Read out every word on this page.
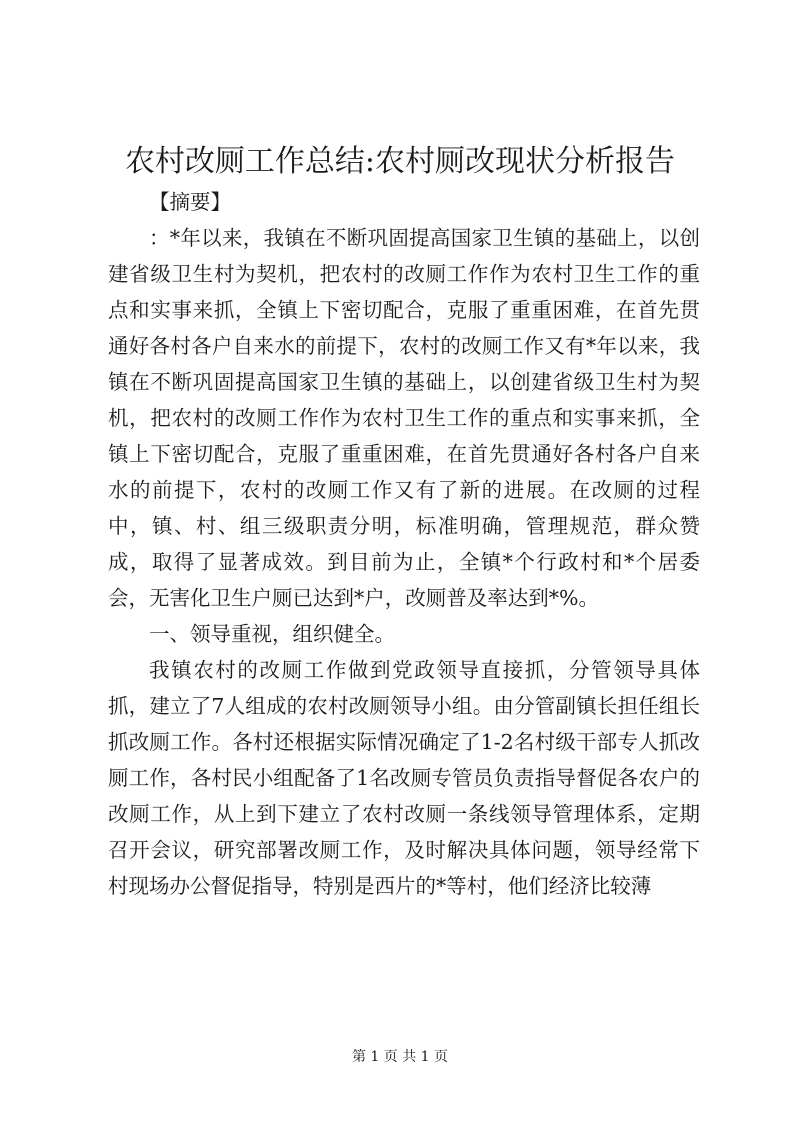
农村改厕工作总结:农村厕改现状分析报告

【摘要】

：*年以来，我镇在不断巩固提高国家卫生镇的基础上，以创建省级卫生村为契机，把农村的改厕工作作为农村卫生工作的重点和实事来抓，全镇上下密切配合，克服了重重困难，在首先贯通好各村各户自来水的前提下，农村的改厕工作又有*年以来，我镇在不断巩固提高国家卫生镇的基础上，以创建省级卫生村为契机，把农村的改厕工作作为农村卫生工作的重点和实事来抓，全镇上下密切配合，克服了重重困难，在首先贯通好各村各户自来水的前提下，农村的改厕工作又有了新的进展。在改厕的过程中，镇、村、组三级职责分明，标准明确，管理规范，群众赞成，取得了显著成效。到目前为止，全镇*个行政村和*个居委会，无害化卫生户厕已达到*户，改厕普及率达到*%。

一、领导重视，组织健全。

我镇农村的改厕工作做到党政领导直接抓，分管领导具体抓，建立了7人组成的农村改厕领导小组。由分管副镇长担任组长抓改厕工作。各村还根据实际情况确定了1-2名村级干部专人抓改厕工作，各村民小组配备了1名改厕专管员负责指导督促各农户的改厕工作，从上到下建立了农村改厕一条线领导管理体系，定期召开会议，研究部署改厕工作，及时解决具体问题，领导经常下村现场办公督促指导，特别是西片的*等村，他们经济比较薄

第 1 页 共 1 页
